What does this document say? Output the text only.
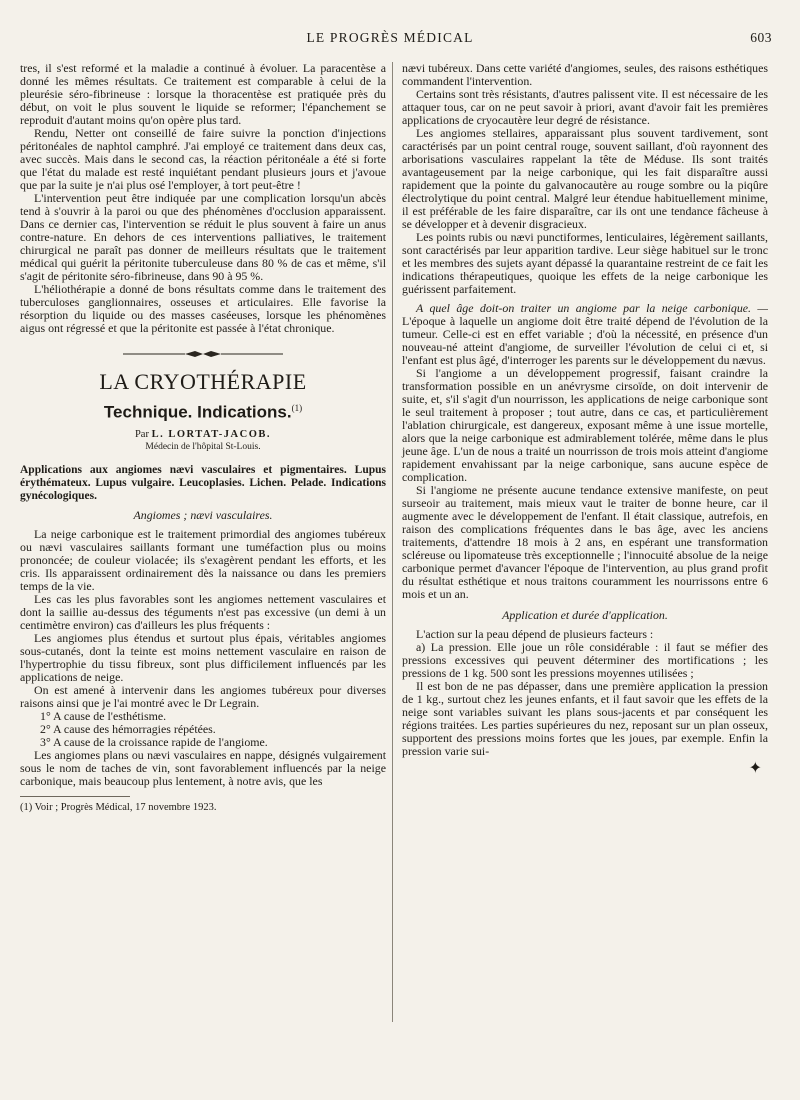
LE PROGRÈS MÉDICAL	603

tres, il s'est reformé et la maladie a continué à évoluer. La paracentèse a donné les mêmes résultats. Ce traitement est comparable à celui de la pleurésie séro-fibrineuse : lorsque la thoracentèse est pratiquée près du début, on voit le plus souvent le liquide se reformer; l'épanchement se reproduit d'autant moins qu'on opère plus tard.

Rendu, Netter ont conseillé de faire suivre la ponction d'injections péritonéales de naphtol camphré. J'ai employé ce traitement dans deux cas, avec succès. Mais dans le second cas, la réaction péritonéale a été si forte que l'état du malade est resté inquiétant pendant plusieurs jours et j'avoue que par la suite je n'ai plus osé l'employer, à tort peut-être !

L'intervention peut être indiquée par une complication lorsqu'un abcès tend à s'ouvrir à la paroi ou que des phénomènes d'occlusion apparaissent. Dans ce dernier cas, l'intervention se réduit le plus souvent à faire un anus contre-nature. En dehors de ces interventions palliatives, le traitement chirurgical ne paraît pas donner de meilleurs résultats que le traitement médical qui guérit la péritonite tuberculeuse dans 80 % de cas et même, s'il s'agit de péritonite séro-fibrineuse, dans 90 à 95 %.

L'héliothérapie a donné de bons résultats comme dans le traitement des tuberculoses ganglionnaires, osseuses et articulaires. Elle favorise la résorption du liquide ou des masses caséeuses, lorsque les phénomènes aigus ont régressé et que la péritonite est passée à l'état chronique.

LA CRYOTHÉRAPIE
Technique. Indications.$^{(1)}$
Par L. LORTAT-JACOB.
Médecin de l'hôpital St-Louis.
Applications aux angiomes nævi vasculaires et pigmentaires. Lupus érythémateux. Lupus vulgaire. Leucoplasies. Lichen. Pelade. Indications gynécologiques.
Angiomes ; nævi vasculaires.

La neige carbonique est le traitement primordial des angiomes tubéreux ou nævi vasculaires saillants formant une tuméfaction plus ou moins prononcée; de couleur violacée; ils s'exagèrent pendant les efforts, et les cris. Ils apparaissent ordinairement dès la naissance ou dans les premiers temps de la vie.

Les cas les plus favorables sont les angiomes nettement vasculaires et dont la saillie au-dessus des téguments n'est pas excessive (un demi à un centimètre environ) cas d'ailleurs les plus fréquents :

Les angiomes plus étendus et surtout plus épais, véritables angiomes sous-cutanés, dont la teinte est moins nettement vasculaire en raison de l'hypertrophie du tissu fibreux, sont plus difficilement influencés par les applications de neige.

On est amené à intervenir dans les angiomes tubéreux pour diverses raisons ainsi que je l'ai montré avec le Dr Legrain.

1° A cause de l'esthétisme.

2° A cause des hémorragies répétées.

3° A cause de la croissance rapide de l'angiome.

Les angiomes plans ou nævi vasculaires en nappe, désignés vulgairement sous le nom de taches de vin, sont favorablement influencés par la neige carbonique, mais beaucoup plus lentement, à notre avis, que les

(1) Voir ; Progrès Médical, 17 novembre 1923.

nævi tubéreux. Dans cette variété d'angiomes, seules, des raisons esthétiques commandent l'intervention.

Certains sont très résistants, d'autres palissent vite. Il est nécessaire de les attaquer tous, car on ne peut savoir à priori, avant d'avoir fait les premières applications de cryocautère leur degré de résistance.

Les angiomes stellaires, apparaissant plus souvent tardivement, sont caractérisés par un point central rouge, souvent saillant, d'où rayonnent des arborisations vasculaires rappelant la tête de Méduse. Ils sont traités avantageusement par la neige carbonique, qui les fait disparaître aussi rapidement que la pointe du galvanocautère au rouge sombre ou la piqûre électrolytique du point central. Malgré leur étendue habituellement minime, il est préférable de les faire disparaître, car ils ont une tendance fâcheuse à se développer et à devenir disgracieux.

Les points rubis ou nævi punctiformes, lenticulaires, légèrement saillants, sont caractérisés par leur apparition tardive. Leur siège habituel sur le tronc et les membres des sujets ayant dépassé la quarantaine restreint de ce fait les indications thérapeutiques, quoique les effets de la neige carbonique les guérissent parfaitement.

A quel âge doit-on traiter un angiome par la neige carbonique. — L'époque à laquelle un angiome doit être traité dépend de l'évolution de la tumeur. Celle-ci est en effet variable ; d'où la nécessité, en présence d'un nouveau-né atteint d'angiome, de surveiller l'évolution de celui ci et, si l'enfant est plus âgé, d'interroger les parents sur le développement du nævus.

Si l'angiome a un développement progressif, faisant craindre la transformation possible en un anévrysme cirsoïde, on doit intervenir de suite, et, s'il s'agit d'un nourrisson, les applications de neige carbonique sont le seul traitement à proposer ; tout autre, dans ce cas, et particulièrement l'ablation chirurgicale, est dangereux, exposant même à une issue mortelle, alors que la neige carbonique est admirablement tolérée, même dans le plus jeune âge. L'un de nous a traité un nourrisson de trois mois atteint d'angiome rapidement envahissant par la neige carbonique, sans aucune espèce de complication.

Si l'angiome ne présente aucune tendance extensive manifeste, on peut surseoir au traitement, mais mieux vaut le traiter de bonne heure, car il augmente avec le développement de l'enfant. Il était classique, autrefois, en raison des complications fréquentes dans le bas âge, avec les anciens traitements, d'attendre 18 mois à 2 ans, en espérant une transformation scléreuse ou lipomateuse très exceptionnelle ; l'innocuité absolue de la neige carbonique permet d'avancer l'époque de l'intervention, au plus grand profit du résultat esthétique et nous traitons couramment les nourrissons entre 6 mois et un an.

Application et durée d'application.

L'action sur la peau dépend de plusieurs facteurs :

a) La pression. Elle joue un rôle considérable : il faut se méfier des pressions excessives qui peuvent déterminer des mortifications ; les pressions de 1 kg. 500 sont les pressions moyennes utilisées ;

Il est bon de ne pas dépasser, dans une première application la pression de 1 kg., surtout chez les jeunes enfants, et il faut savoir que les effets de la neige sont variables suivant les plans sous-jacents et par conséquent les régions traitées. Les parties supérieures du nez, reposant sur un plan osseux, supportent des pressions moins fortes que les joues, par exemple. Enfin la pression varie sui-

✦
